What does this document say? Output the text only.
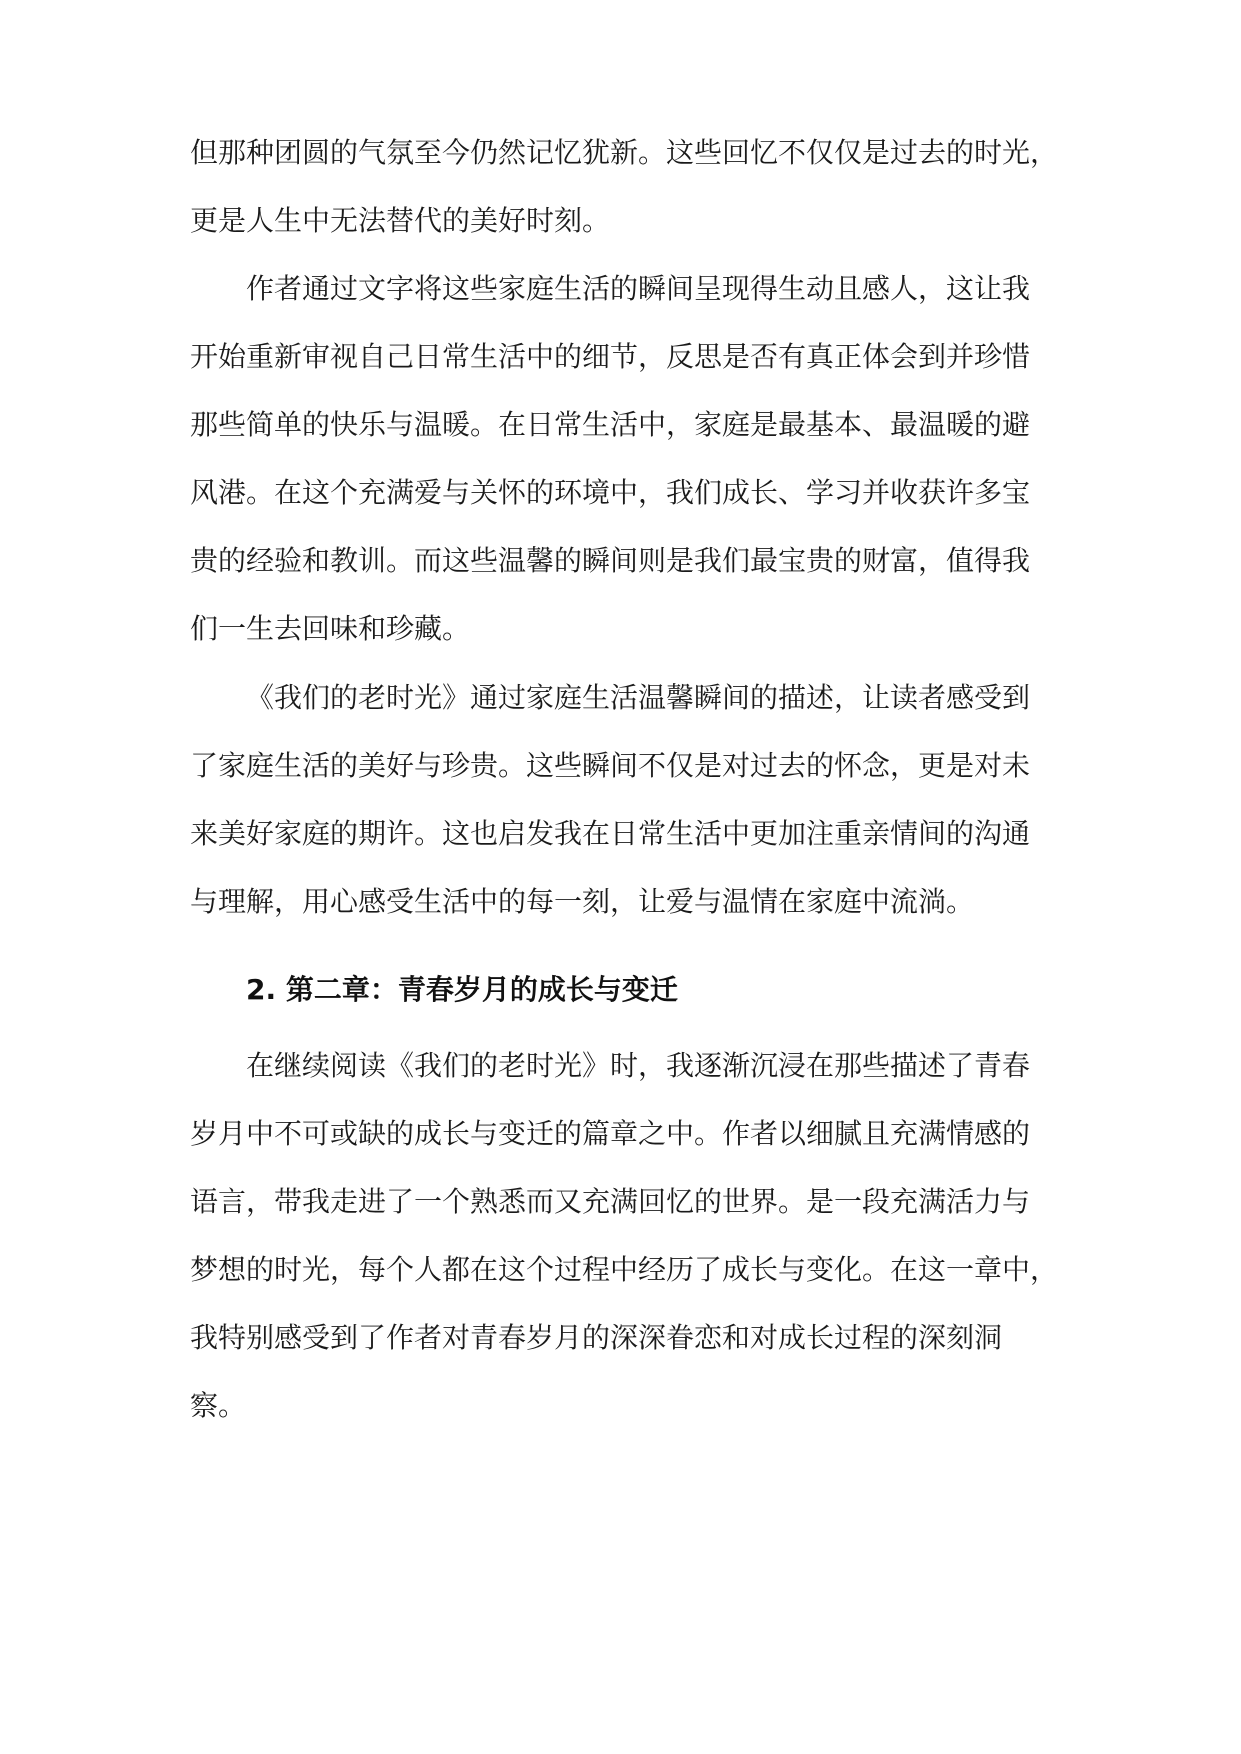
但那种团圆的气氛至今仍然记忆犹新。这些回忆不仅仅是过去的时光，
更是人生中无法替代的美好时刻。
作者通过文字将这些家庭生活的瞬间呈现得生动且感人，这让我
开始重新审视自己日常生活中的细节，反思是否有真正体会到并珍惜
那些简单的快乐与温暖。在日常生活中，家庭是最基本、最温暖的避
风港。在这个充满爱与关怀的环境中，我们成长、学习并收获许多宝
贵的经验和教训。而这些温馨的瞬间则是我们最宝贵的财富，值得我
们一生去回味和珍藏。
《我们的老时光》通过家庭生活温馨瞬间的描述，让读者感受到
了家庭生活的美好与珍贵。这些瞬间不仅是对过去的怀念，更是对未
来美好家庭的期许。这也启发我在日常生活中更加注重亲情间的沟通
与理解，用心感受生活中的每一刻，让爱与温情在家庭中流淌。
2. 第二章：青春岁月的成长与变迁
在继续阅读《我们的老时光》时，我逐渐沉浸在那些描述了青春
岁月中不可或缺的成长与变迁的篇章之中。作者以细腻且充满情感的
语言，带我走进了一个熟悉而又充满回忆的世界。是一段充满活力与
梦想的时光，每个人都在这个过程中经历了成长与变化。在这一章中，
我特别感受到了作者对青春岁月的深深眷恋和对成长过程的深刻洞
察。
